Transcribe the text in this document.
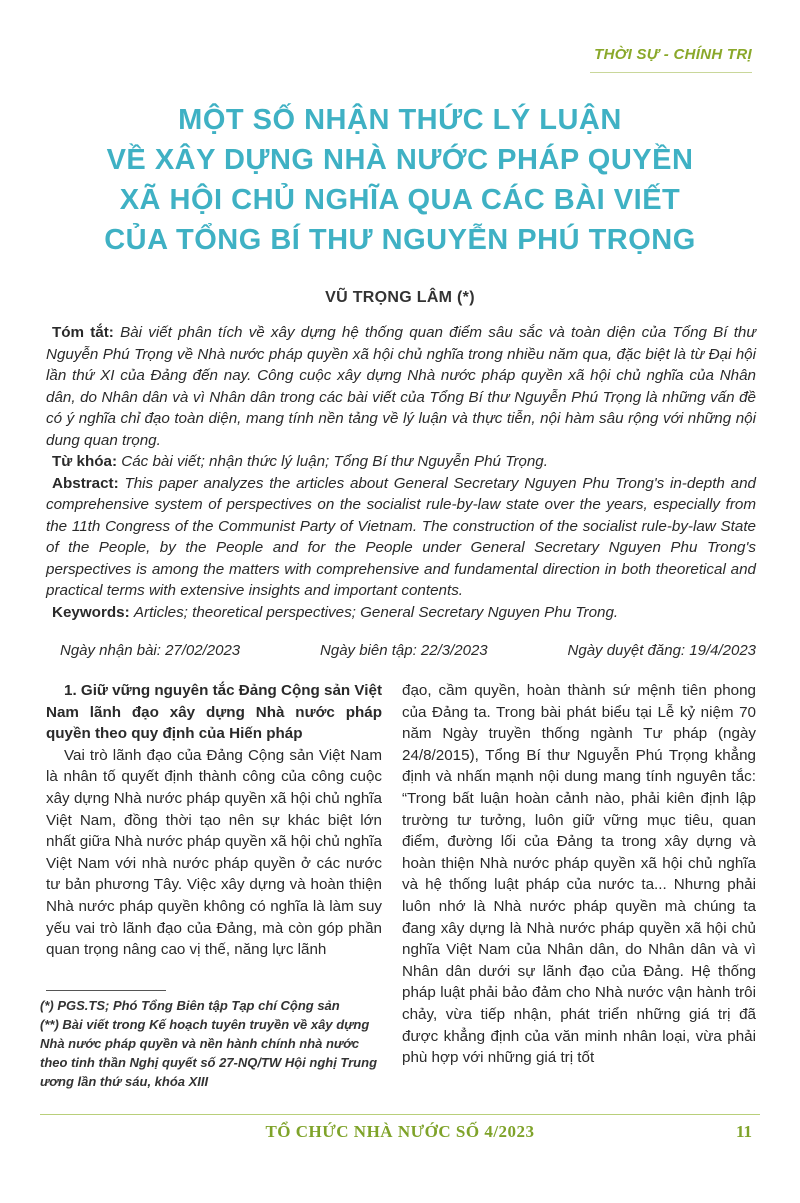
THỜI SỰ - CHÍNH TRỊ
MỘT SỐ NHẬN THỨC LÝ LUẬN
VỀ XÂY DỰNG NHÀ NƯỚC PHÁP QUYỀN
XÃ HỘI CHỦ NGHĨA QUA CÁC BÀI VIẾT
CỦA TỔNG BÍ THƯ NGUYỄN PHÚ TRỌNG
VŨ TRỌNG LÂM (*)

Tóm tắt: Bài viết phân tích về xây dựng hệ thống quan điểm sâu sắc và toàn diện của Tổng Bí thư Nguyễn Phú Trọng về Nhà nước pháp quyền xã hội chủ nghĩa trong nhiều năm qua, đặc biệt là từ Đại hội lần thứ XI của Đảng đến nay. Công cuộc xây dựng Nhà nước pháp quyền xã hội chủ nghĩa của Nhân dân, do Nhân dân và vì Nhân dân trong các bài viết của Tổng Bí thư Nguyễn Phú Trọng là những vấn đề có ý nghĩa chỉ đạo toàn diện, mang tính nền tảng về lý luận và thực tiễn, nội hàm sâu rộng với những nội dung quan trọng.

Từ khóa: Các bài viết; nhận thức lý luận; Tổng Bí thư Nguyễn Phú Trọng.

Abstract: This paper analyzes the articles about General Secretary Nguyen Phu Trong's in-depth and comprehensive system of perspectives on the socialist rule-by-law state over the years, especially from the 11th Congress of the Communist Party of Vietnam. The construction of the socialist rule-by-law State of the People, by the People and for the People under General Secretary Nguyen Phu Trong's perspectives is among the matters with comprehensive and fundamental direction in both theoretical and practical terms with extensive insights and important contents.

Keywords: Articles; theoretical perspectives; General Secretary Nguyen Phu Trong.

Ngày nhận bài: 27/02/2023	Ngày biên tập: 22/3/2023	Ngày duyệt đăng: 19/4/2023

1. Giữ vững nguyên tắc Đảng Cộng sản Việt Nam lãnh đạo xây dựng Nhà nước pháp quyền theo quy định của Hiến pháp

Vai trò lãnh đạo của Đảng Cộng sản Việt Nam là nhân tố quyết định thành công của công cuộc xây dựng Nhà nước pháp quyền xã hội chủ nghĩa Việt Nam, đồng thời tạo nên sự khác biệt lớn nhất giữa Nhà nước pháp quyền xã hội chủ nghĩa Việt Nam với nhà nước pháp quyền ở các nước tư bản phương Tây. Việc xây dựng và hoàn thiện Nhà nước pháp quyền không có nghĩa là làm suy yếu vai trò lãnh đạo của Đảng, mà còn góp phần quan trọng nâng cao vị thế, năng lực lãnh

(*) PGS.TS; Phó Tổng Biên tập Tạp chí Cộng sản

(**) Bài viết trong Kế hoạch tuyên truyền về xây dựng Nhà nước pháp quyền và nền hành chính nhà nước theo tinh thần Nghị quyết số 27-NQ/TW Hội nghị Trung ương lần thứ sáu, khóa XIII

đạo, cầm quyền, hoàn thành sứ mệnh tiên phong của Đảng ta. Trong bài phát biểu tại Lễ kỷ niệm 70 năm Ngày truyền thống ngành Tư pháp (ngày 24/8/2015), Tổng Bí thư Nguyễn Phú Trọng khẳng định và nhấn mạnh nội dung mang tính nguyên tắc: “Trong bất luận hoàn cảnh nào, phải kiên định lập trường tư tưởng, luôn giữ vững mục tiêu, quan điểm, đường lối của Đảng ta trong xây dựng và hoàn thiện Nhà nước pháp quyền xã hội chủ nghĩa và hệ thống luật pháp của nước ta... Nhưng phải luôn nhớ là Nhà nước pháp quyền mà chúng ta đang xây dựng là Nhà nước pháp quyền xã hội chủ nghĩa Việt Nam của Nhân dân, do Nhân dân và vì Nhân dân dưới sự lãnh đạo của Đảng. Hệ thống pháp luật phải bảo đảm cho Nhà nước vận hành trôi chảy, vừa tiếp nhận, phát triển những giá trị đã được khẳng định của văn minh nhân loại, vừa phải phù hợp với những giá trị tốt

TỔ CHỨC NHÀ NƯỚC SỐ 4/2023	11
